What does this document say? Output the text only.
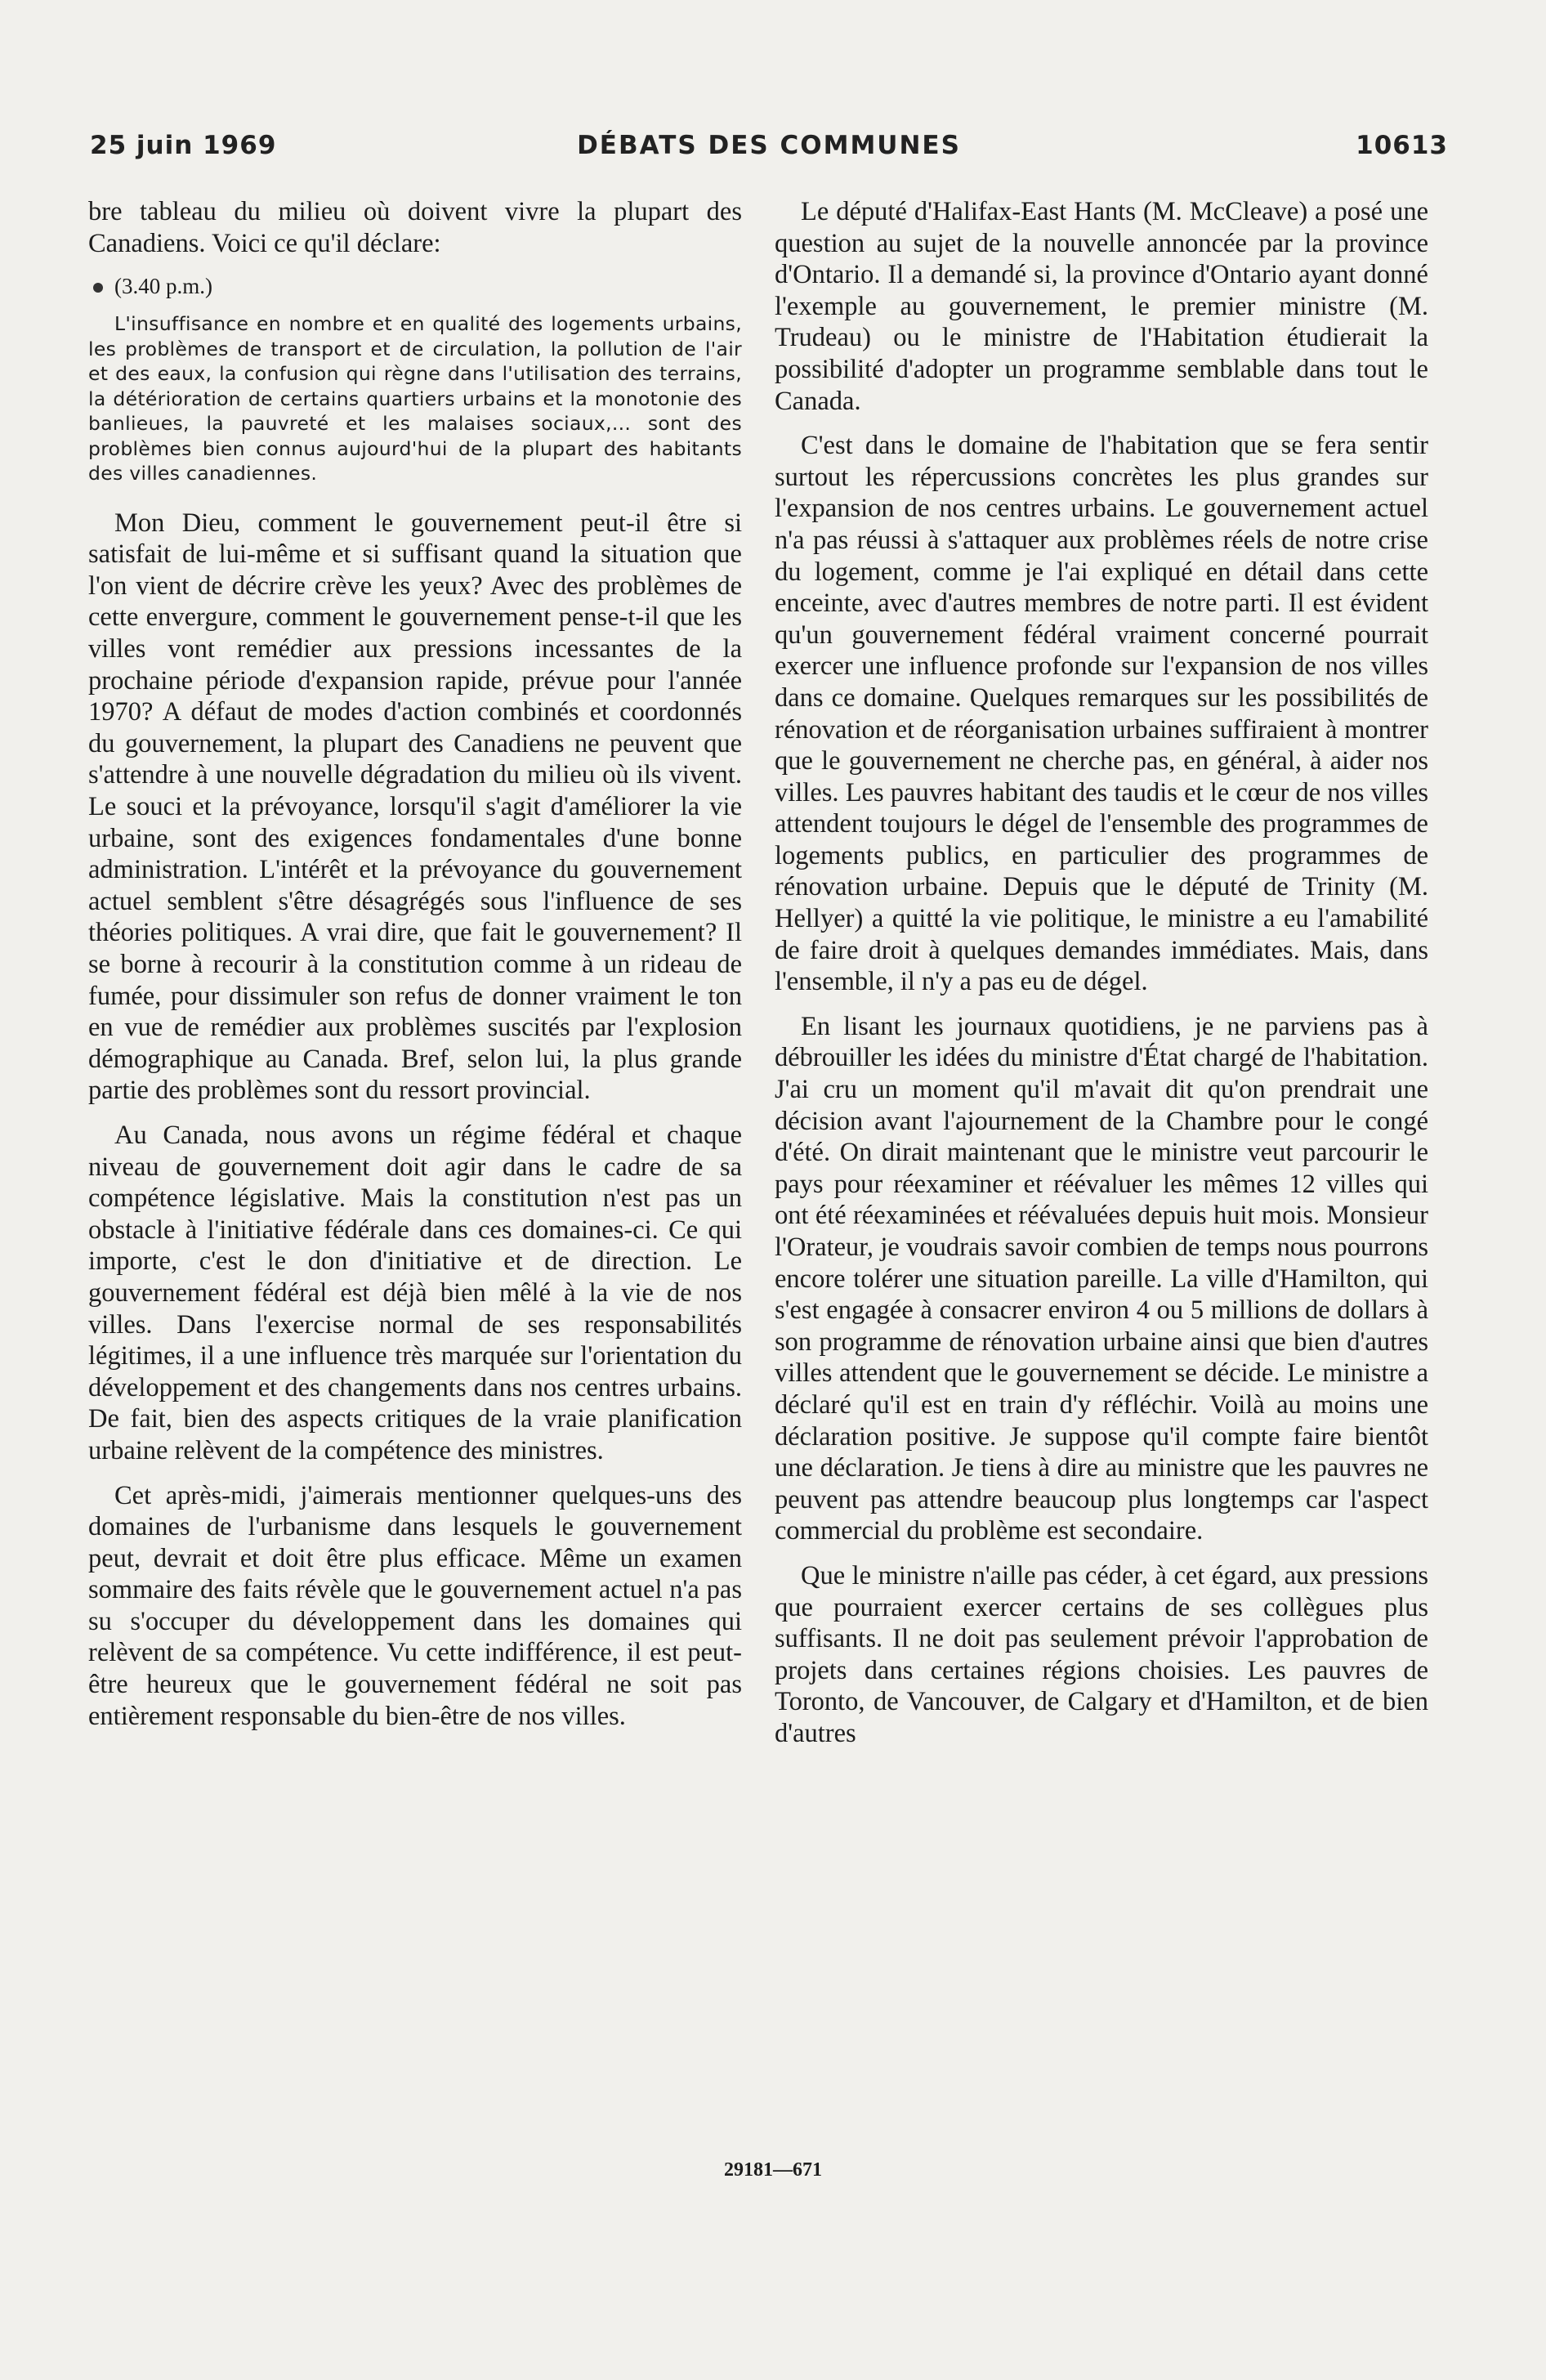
25 juin 1969	DÉBATS DES COMMUNES	10613

bre tableau du milieu où doivent vivre la plupart des Canadiens. Voici ce qu'il déclare:

(3.40 p.m.)
L'insuffisance en nombre et en qualité des logements urbains, les problèmes de transport et de circulation, la pollution de l'air et des eaux, la confusion qui règne dans l'utilisation des terrains, la détérioration de certains quartiers urbains et la monotonie des banlieues, la pauvreté et les malaises sociaux,... sont des problèmes bien connus aujourd'hui de la plupart des habitants des villes canadiennes.

Mon Dieu, comment le gouvernement peut-il être si satisfait de lui-même et si suffisant quand la situation que l'on vient de décrire crève les yeux? Avec des problèmes de cette envergure, comment le gouvernement pense-t-il que les villes vont remédier aux pressions incessantes de la prochaine période d'expansion rapide, prévue pour l'année 1970? A défaut de modes d'action combinés et coordonnés du gouvernement, la plupart des Canadiens ne peuvent que s'attendre à une nouvelle dégradation du milieu où ils vivent. Le souci et la prévoyance, lorsqu'il s'agit d'améliorer la vie urbaine, sont des exigences fondamentales d'une bonne administration. L'intérêt et la prévoyance du gouvernement actuel semblent s'être désagrégés sous l'influence de ses théories politiques. A vrai dire, que fait le gouvernement? Il se borne à recourir à la constitution comme à un rideau de fumée, pour dissimuler son refus de donner vraiment le ton en vue de remédier aux problèmes suscités par l'explosion démographique au Canada. Bref, selon lui, la plus grande partie des problèmes sont du ressort provincial.

Au Canada, nous avons un régime fédéral et chaque niveau de gouvernement doit agir dans le cadre de sa compétence législative. Mais la constitution n'est pas un obstacle à l'initiative fédérale dans ces domaines-ci. Ce qui importe, c'est le don d'initiative et de direction. Le gouvernement fédéral est déjà bien mêlé à la vie de nos villes. Dans l'exercise normal de ses responsabilités légitimes, il a une influence très marquée sur l'orientation du développement et des changements dans nos centres urbains. De fait, bien des aspects critiques de la vraie planification urbaine relèvent de la compétence des ministres.

Cet après-midi, j'aimerais mentionner quelques-uns des domaines de l'urbanisme dans lesquels le gouvernement peut, devrait et doit être plus efficace. Même un examen sommaire des faits révèle que le gouvernement actuel n'a pas su s'occuper du développement dans les domaines qui relèvent de sa compétence. Vu cette indifférence, il est peut-être heureux que le gouvernement fédéral ne soit pas entièrement responsable du bien-être de nos villes.

Le député d'Halifax-East Hants (M. McCleave) a posé une question au sujet de la nouvelle annoncée par la province d'Ontario. Il a demandé si, la province d'Ontario ayant donné l'exemple au gouvernement, le premier ministre (M. Trudeau) ou le ministre de l'Habitation étudierait la possibilité d'adopter un programme semblable dans tout le Canada.

C'est dans le domaine de l'habitation que se fera sentir surtout les répercussions concrètes les plus grandes sur l'expansion de nos centres urbains. Le gouvernement actuel n'a pas réussi à s'attaquer aux problèmes réels de notre crise du logement, comme je l'ai expliqué en détail dans cette enceinte, avec d'autres membres de notre parti. Il est évident qu'un gouvernement fédéral vraiment concerné pourrait exercer une influence profonde sur l'expansion de nos villes dans ce domaine. Quelques remarques sur les possibilités de rénovation et de réorganisation urbaines suffiraient à montrer que le gouvernement ne cherche pas, en général, à aider nos villes. Les pauvres habitant des taudis et le cœur de nos villes attendent toujours le dégel de l'ensemble des programmes de logements publics, en particulier des programmes de rénovation urbaine. Depuis que le député de Trinity (M. Hellyer) a quitté la vie politique, le ministre a eu l'amabilité de faire droit à quelques demandes immédiates. Mais, dans l'ensemble, il n'y a pas eu de dégel.

En lisant les journaux quotidiens, je ne parviens pas à débrouiller les idées du ministre d'État chargé de l'habitation. J'ai cru un moment qu'il m'avait dit qu'on prendrait une décision avant l'ajournement de la Chambre pour le congé d'été. On dirait maintenant que le ministre veut parcourir le pays pour réexaminer et réévaluer les mêmes 12 villes qui ont été réexaminées et réévaluées depuis huit mois. Monsieur l'Orateur, je voudrais savoir combien de temps nous pourrons encore tolérer une situation pareille. La ville d'Hamilton, qui s'est engagée à consacrer environ 4 ou 5 millions de dollars à son programme de rénovation urbaine ainsi que bien d'autres villes attendent que le gouvernement se décide. Le ministre a déclaré qu'il est en train d'y réfléchir. Voilà au moins une déclaration positive. Je suppose qu'il compte faire bientôt une déclaration. Je tiens à dire au ministre que les pauvres ne peuvent pas attendre beaucoup plus longtemps car l'aspect commercial du problème est secondaire.

Que le ministre n'aille pas céder, à cet égard, aux pressions que pourraient exercer certains de ses collègues plus suffisants. Il ne doit pas seulement prévoir l'approbation de projets dans certaines régions choisies. Les pauvres de Toronto, de Vancouver, de Calgary et d'Hamilton, et de bien d'autres

29181—671
